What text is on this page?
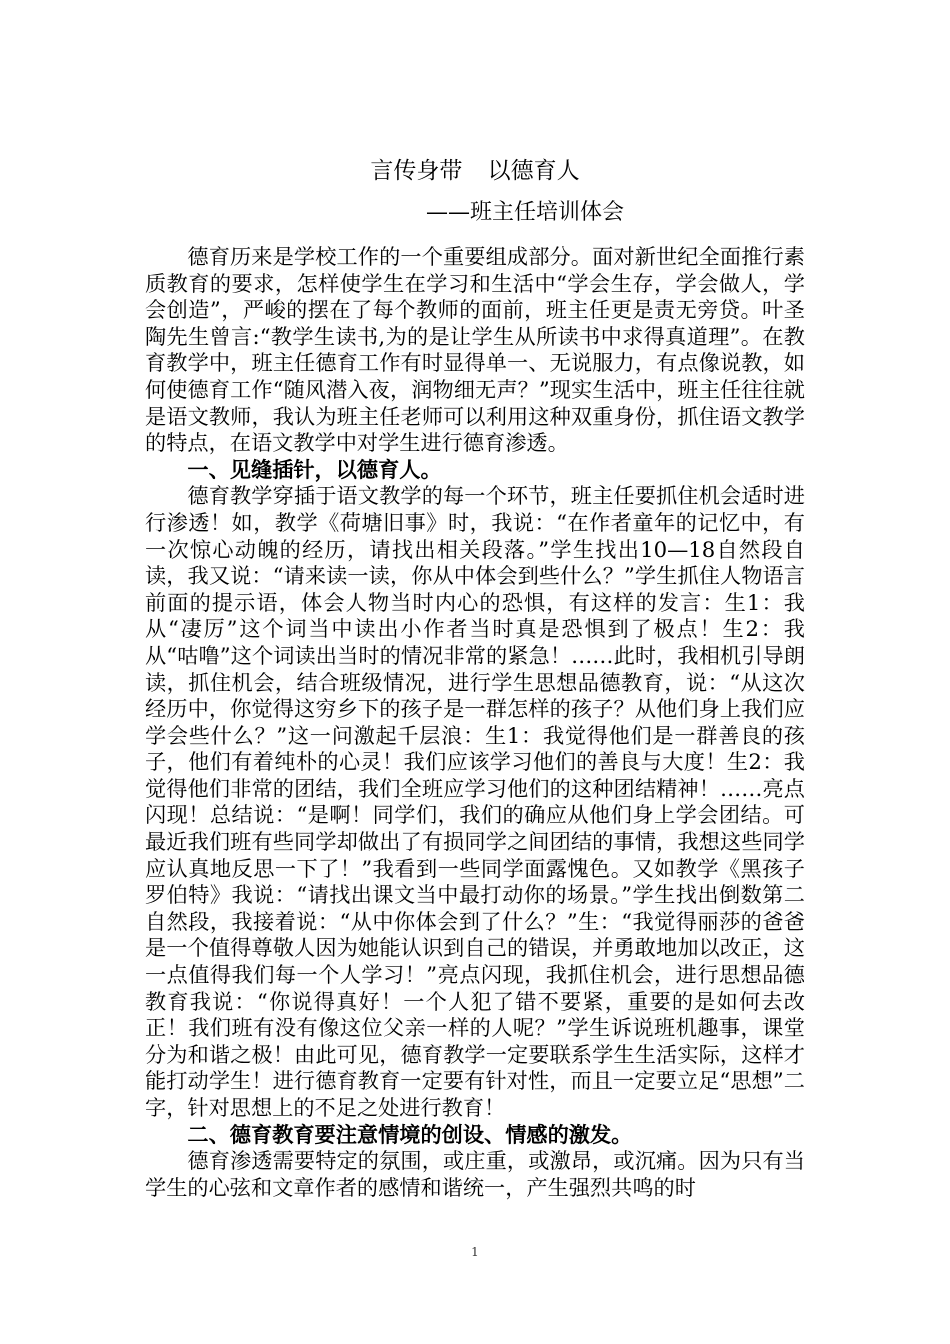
言传身带 以德育人
——班主任培训体会

德育历来是学校工作的一个重要组成部分。面对新世纪全面推行素质教育的要求，怎样使学生在学习和生活中“学会生存，学会做人，学会创造”，严峻的摆在了每个教师的面前，班主任更是责无旁贷。叶圣陶先生曾言:“教学生读书,为的是让学生从所读书中求得真道理”。在教育教学中，班主任德育工作有时显得单一、无说服力，有点像说教，如何使德育工作“随风潜入夜，润物细无声？”现实生活中，班主任往往就是语文教师，我认为班主任老师可以利用这种双重身份，抓住语文教学的特点，在语文教学中对学生进行德育渗透。

一、见缝插针，以德育人。

德育教学穿插于语文教学的每一个环节，班主任要抓住机会适时进行渗透！如，教学《荷塘旧事》时，我说：“在作者童年的记忆中，有一次惊心动魄的经历，请找出相关段落。”学生找出10—18自然段自读，我又说：“请来读一读，你从中体会到些什么？”学生抓住人物语言前面的提示语，体会人物当时内心的恐惧，有这样的发言：生1：我从“凄厉”这个词当中读出小作者当时真是恐惧到了极点！生2：我从“咕噜”这个词读出当时的情况非常的紧急！……此时，我相机引导朗读，抓住机会，结合班级情况，进行学生思想品德教育，说：“从这次经历中，你觉得这穷乡下的孩子是一群怎样的孩子？从他们身上我们应学会些什么？”这一问激起千层浪：生1：我觉得他们是一群善良的孩子，他们有着纯朴的心灵！我们应该学习他们的善良与大度！生2：我觉得他们非常的团结，我们全班应学习他们的这种团结精神！……亮点闪现！总结说：“是啊！同学们，我们的确应从他们身上学会团结。可最近我们班有些同学却做出了有损同学之间团结的事情，我想这些同学应认真地反思一下了！”我看到一些同学面露愧色。又如教学《黑孩子罗伯特》我说：“请找出课文当中最打动你的场景。”学生找出倒数第二自然段，我接着说：“从中你体会到了什么？”生：“我觉得丽莎的爸爸是一个值得尊敬人因为她能认识到自己的错误，并勇敢地加以改正，这一点值得我们每一个人学习！”亮点闪现，我抓住机会，进行思想品德教育我说：“你说得真好！一个人犯了错不要紧，重要的是如何去改正！我们班有没有像这位父亲一样的人呢？”学生诉说班机趣事，课堂分为和谐之极！由此可见，德育教学一定要联系学生生活实际，这样才能打动学生！进行德育教育一定要有针对性，而且一定要立足“思想”二字，针对思想上的不足之处进行教育！

二、德育教育要注意情境的创设、情感的激发。

德育渗透需要特定的氛围，或庄重，或激昂，或沉痛。因为只有当学生的心弦和文章作者的感情和谐统一，产生强烈共鸣的时

1
